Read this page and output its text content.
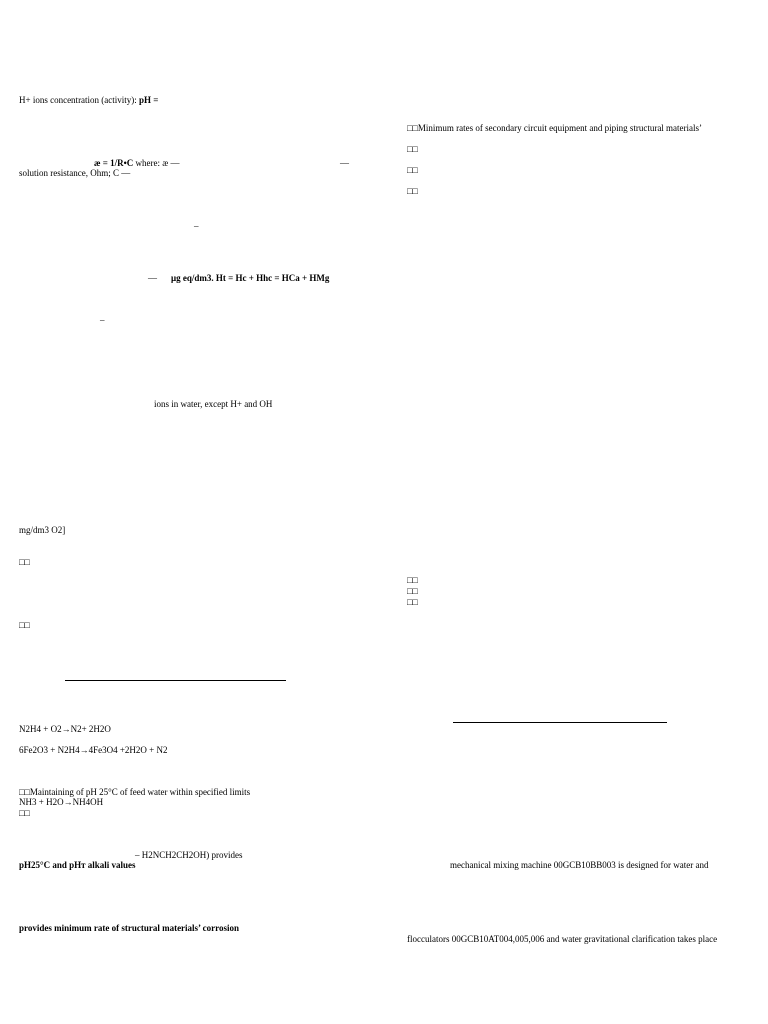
H+ ions concentration (activity): pH =
æ = 1/R•C where: æ —	—
solution resistance, Ohm; C —
–
— μg eq/dm3. Ht = Hc + Hhc = HCa + HMg
–
ions in water, except H+ and OH
mg/dm3 O2]
□□
□□
N2H4 + O2→N2+ 2H2O
6Fe2O3 + N2H4→4Fe3O4 +2H2O + N2
□□Maintaining of pH 25°C of feed water within specified limits
NH3 + H2O→NH4OH
□□
– H2NCH2CH2OH) provides
pH25°C and pHт alkali values
provides minimum rate of structural materials’ corrosion
□□Minimum rates of secondary circuit equipment and piping structural materials’
□□
□□
□□
□□
□□
□□
mechanical mixing machine 00GCB10BB003 is designed for water and
flocculators 00GCB10AT004,005,006 and water gravitational clarification takes place
